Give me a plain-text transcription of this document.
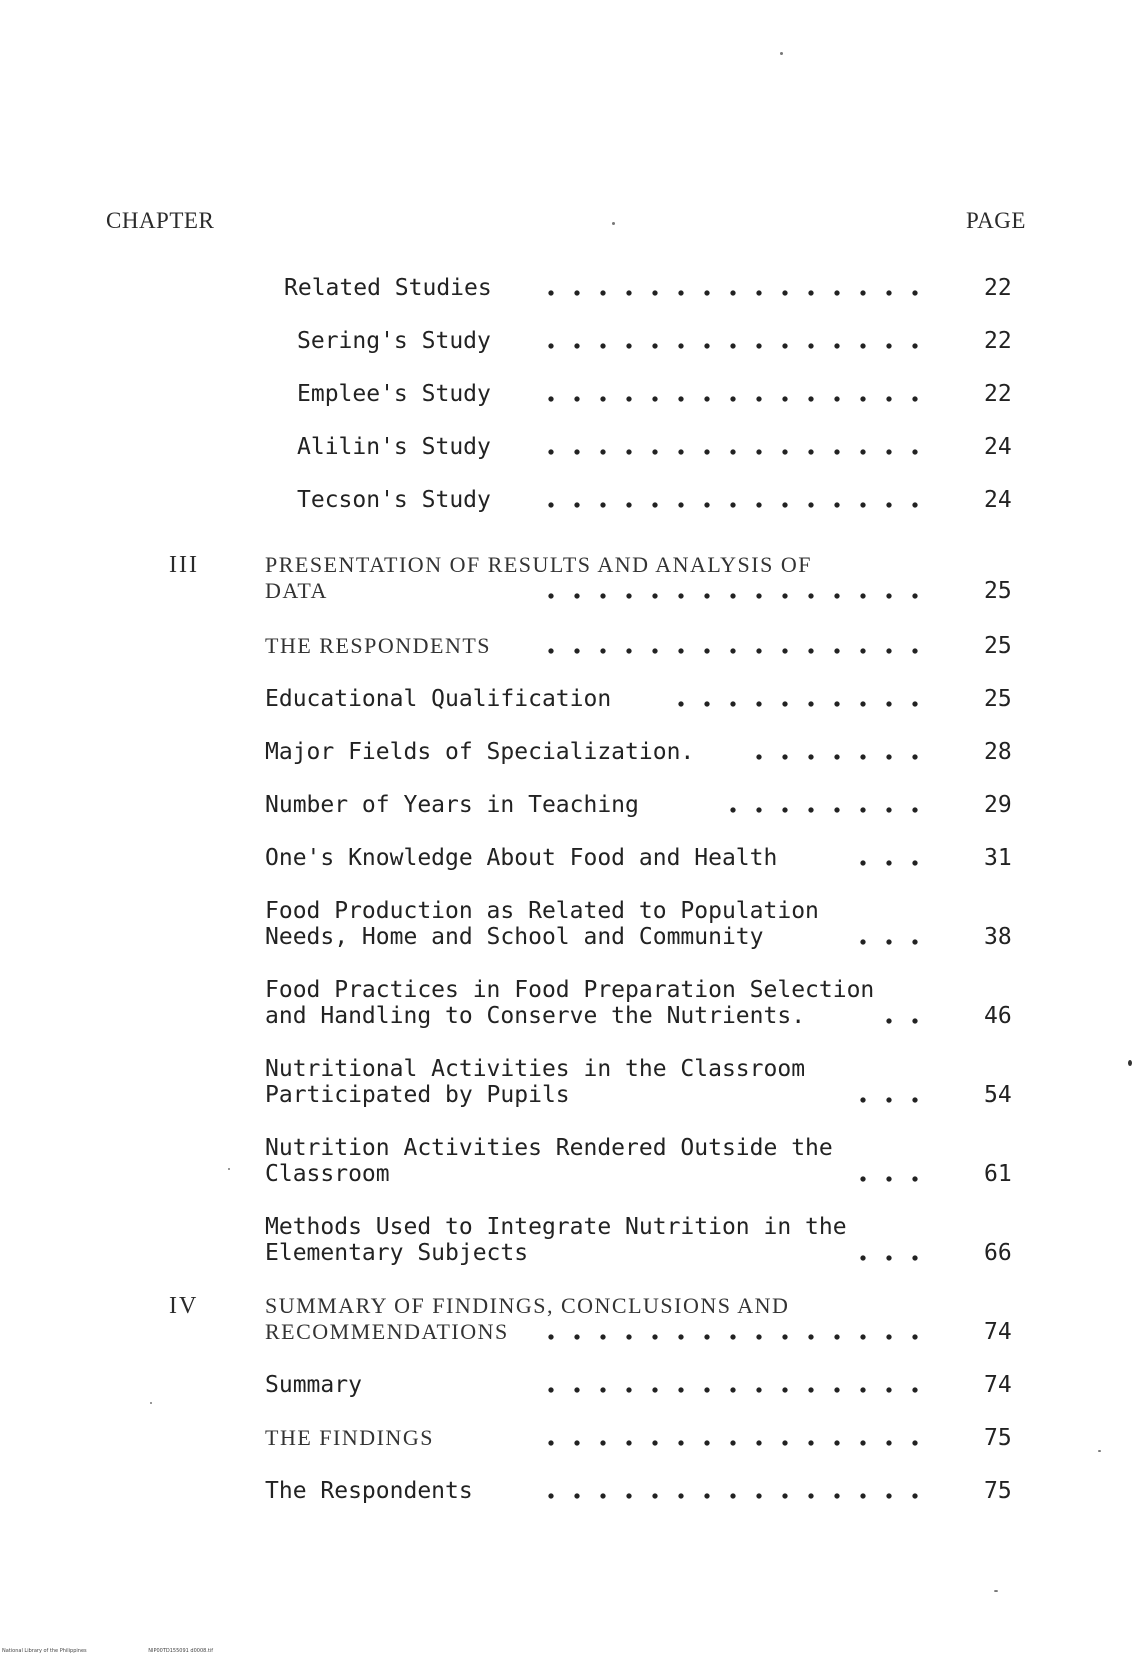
CHAPTER	PAGE
Related Studies	22
Sering's Study	22
Emplee's Study	22
Alilin's Study	24
Tecson's Study	24
III	PRESENTATION OF RESULTS AND ANALYSIS OF
DATA	25
THE RESPONDENTS	25
Educational Qualification	25
Major Fields of Specialization.	28
Number of Years in Teaching	29
One's Knowledge About Food and Health	31
Food Production as Related to Population
Needs, Home and School and Community	38
Food Practices in Food Preparation Selection
and Handling to Conserve the Nutrients.	46
Nutritional Activities in the Classroom
Participated by Pupils	54
Nutrition Activities Rendered Outside the
Classroom	61
Methods Used to Integrate Nutrition in the
Elementary Subjects	66
IV	SUMMARY OF FINDINGS, CONCLUSIONS AND
RECOMMENDATIONS	74
Summary	74
THE FINDINGS	75
The Respondents	75
National Library of the Philippines	NIP00TD155091 d0008.tif
